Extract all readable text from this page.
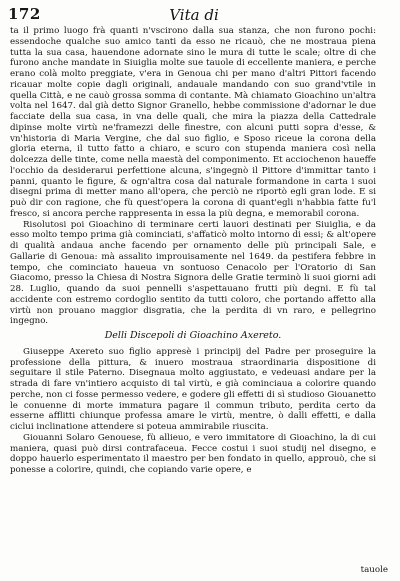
172	Vita di

ta il primo luogo frà quanti n'vscirono dalla sua stanza, che non furono pochi: essendoche qualche suo amico tanti da esso ne ricauò, che ne mostraua piena tutta la sua casa, hauendone adornate sino le mura di tutte le scale; oltre di che furono anche mandate in Siuiglia molte sue tauole di eccellente maniera, e perche erano colà molto preggiate, v'era in Genoua chi per mano d'altri Pittori facendo ricauar molte copie dagli originali, andauale mandando con suo grand'vtile in quella Città, e ne cauò grossa somma di contante. Mà chiamato Gioachino un'altra volta nel 1647. dal già detto Signor Granello, hebbe commissione d'adornar le due facciate della sua casa, in vna delle quali, che mira la piazza della Cattedrale dipinse molte virtù ne'framezzi delle finestre, con alcuni putti sopra d'esse, & vn'historia di Maria Vergine, che dal suo figlio, e Sposo riceue la corona della gloria eterna, il tutto fatto a chiaro, e scuro con stupenda maniera così nella dolcezza delle tinte, come nella maestà del componimento. Et acciochenon haueffe l'occhio da desiderarui perfettione alcuna, s'ingegnò il Pittore d'immittar tanto i panni, quanto le figure, & ogn'altra cosa dal naturale formandone in carta i suoi disegni prima di metter mano all'opera, che perciò ne riportò egli gran lode. E si può dir con ragione, che fù quest'opera la corona di quant'egli n'habbia fatte fu'l fresco, si ancora perche rappresenta in essa la più degna, e memorabil corona.

Risolutosi poi Gioachino di terminare certi lauori destinati per Siuiglia, e da esso molto tempo prima già cominciati, s'affaticò molto intorno di essi; & alt'opere di qualità andaua anche facendo per ornamento delle più principali Sale, e Gallarie di Genoua: mà assalito improuisamente nel 1649. da pestifera febbre in tempo, che cominciato haueua vn sontuoso Cenacolo per l'Oratorio di San Giacomo, presso la Chiesa di Nostra Signora delle Gratie terminò li suoi giorni adi 28. Luglio, quando da suoi pennelli s'aspettauano frutti più degni. E fù tal accidente con estremo cordoglio sentito da tutti coloro, che portando affetto alla virtù non prouano maggior disgratia, che la perdita di vn raro, e pellegrino ingegno.

Delli Discepoli di Gioachino Axereto.

Giuseppe Axereto suo figlio appresè i principij del Padre per proseguire la professione della pittura, & inuero mostraua straordinaria dispositione di seguitare il stile Paterno. Disegnaua molto aggiustato, e vedeuasi andare per la strada di fare vn'intiero acquisto di tal virtù, e già cominciaua a colorire quando perche, non ci fosse permesso vedere, e godere gli effetti di sì studioso Giouanetto le conuenne di morte immatura pagare il commun tributo, perdita certo da esserne afflitti chiunque professa amare le virtù, mentre, ò dalli effetti, e dalla ciclui inclinatione attendere si poteua ammirabile riuscita.

Giouanni Solaro Genouese, fù allieuo, e vero immitatore di Gioachino, la di cui maniera, quasi può dirsi contrafaceua. Fecce costui i suoi studij nel disegno, e doppo hauerlo esperimentato il maestro per ben fondato in quello, approuò, che si ponesse a colorire, quindi, che copiando varie opere, e

tauole
